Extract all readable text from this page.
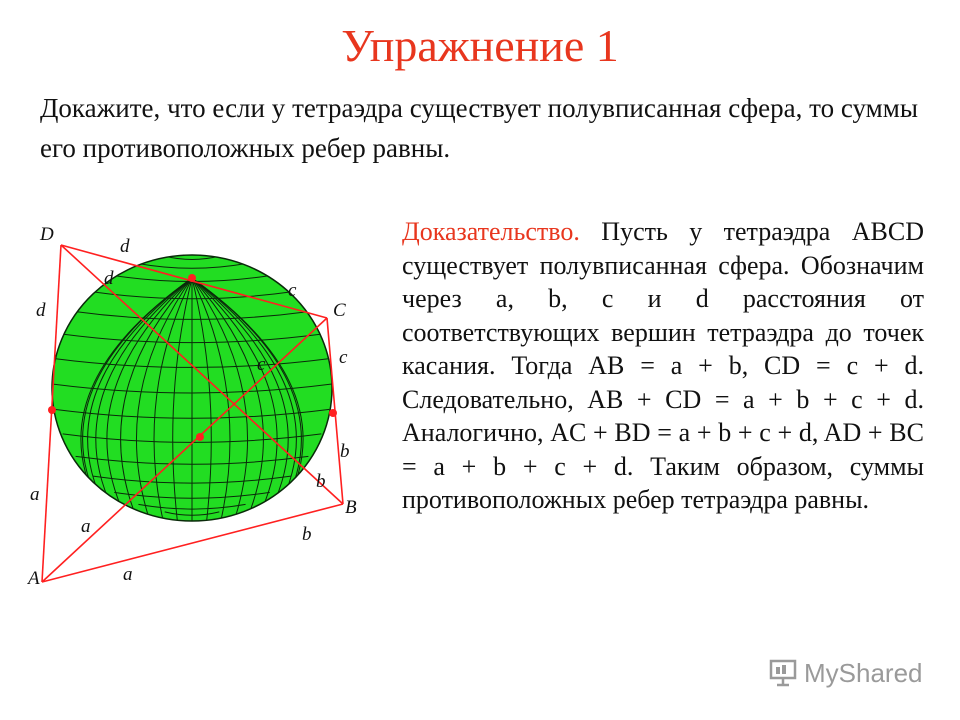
Упражнение 1
Докажите, что если у тетраэдра существует полувписанная сфера, то суммы его противоположных ребер равны.
Доказательство. Пусть у тетраэдра ABCD существует полувписанная сфера. Обозначим через a, b, c и d расстояния от соответствующих вершин тетраэдра до точек касания. Тогда AB = a + b, CD = c + d. Следовательно, AB + CD = a + b + c + d. Аналогично, AC + BD = a + b + c + d, AD + BC = a + b + c + d. Таким образом, суммы противоположных ребер тетраэдра равны.
D
C
B
A
d
d
d
c
c	c
b
b
b
a
a
a
MyShared
